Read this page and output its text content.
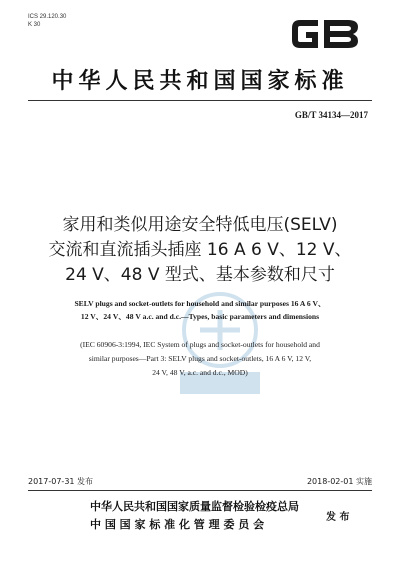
ICS 29.120.30
K 30
中华人民共和国国家标准
GB/T 34134—2017
家用和类似用途安全特低电压(SELV)
交流和直流插头插座 16 A 6 V、12 V、
24 V、48 V 型式、基本参数和尺寸
SELV plugs and socket-outlets for household and similar purposes 16 A 6 V、
12 V、24 V、48 V a.c. and d.c.—Types, basic parameters and dimensions
(IEC 60906-3:1994, IEC System of plugs and socket-outlets for household and
similar purposes—Part 3: SELV plugs and socket-outlets, 16 A 6 V, 12 V,
24 V, 48 V, a.c. and d.c., MOD)
2017-07-31 发布	2018-02-01 实施
中华人民共和国国家质量监督检验检疫总局
中 国 国 家 标 准 化 管 理 委 员 会
发 布
